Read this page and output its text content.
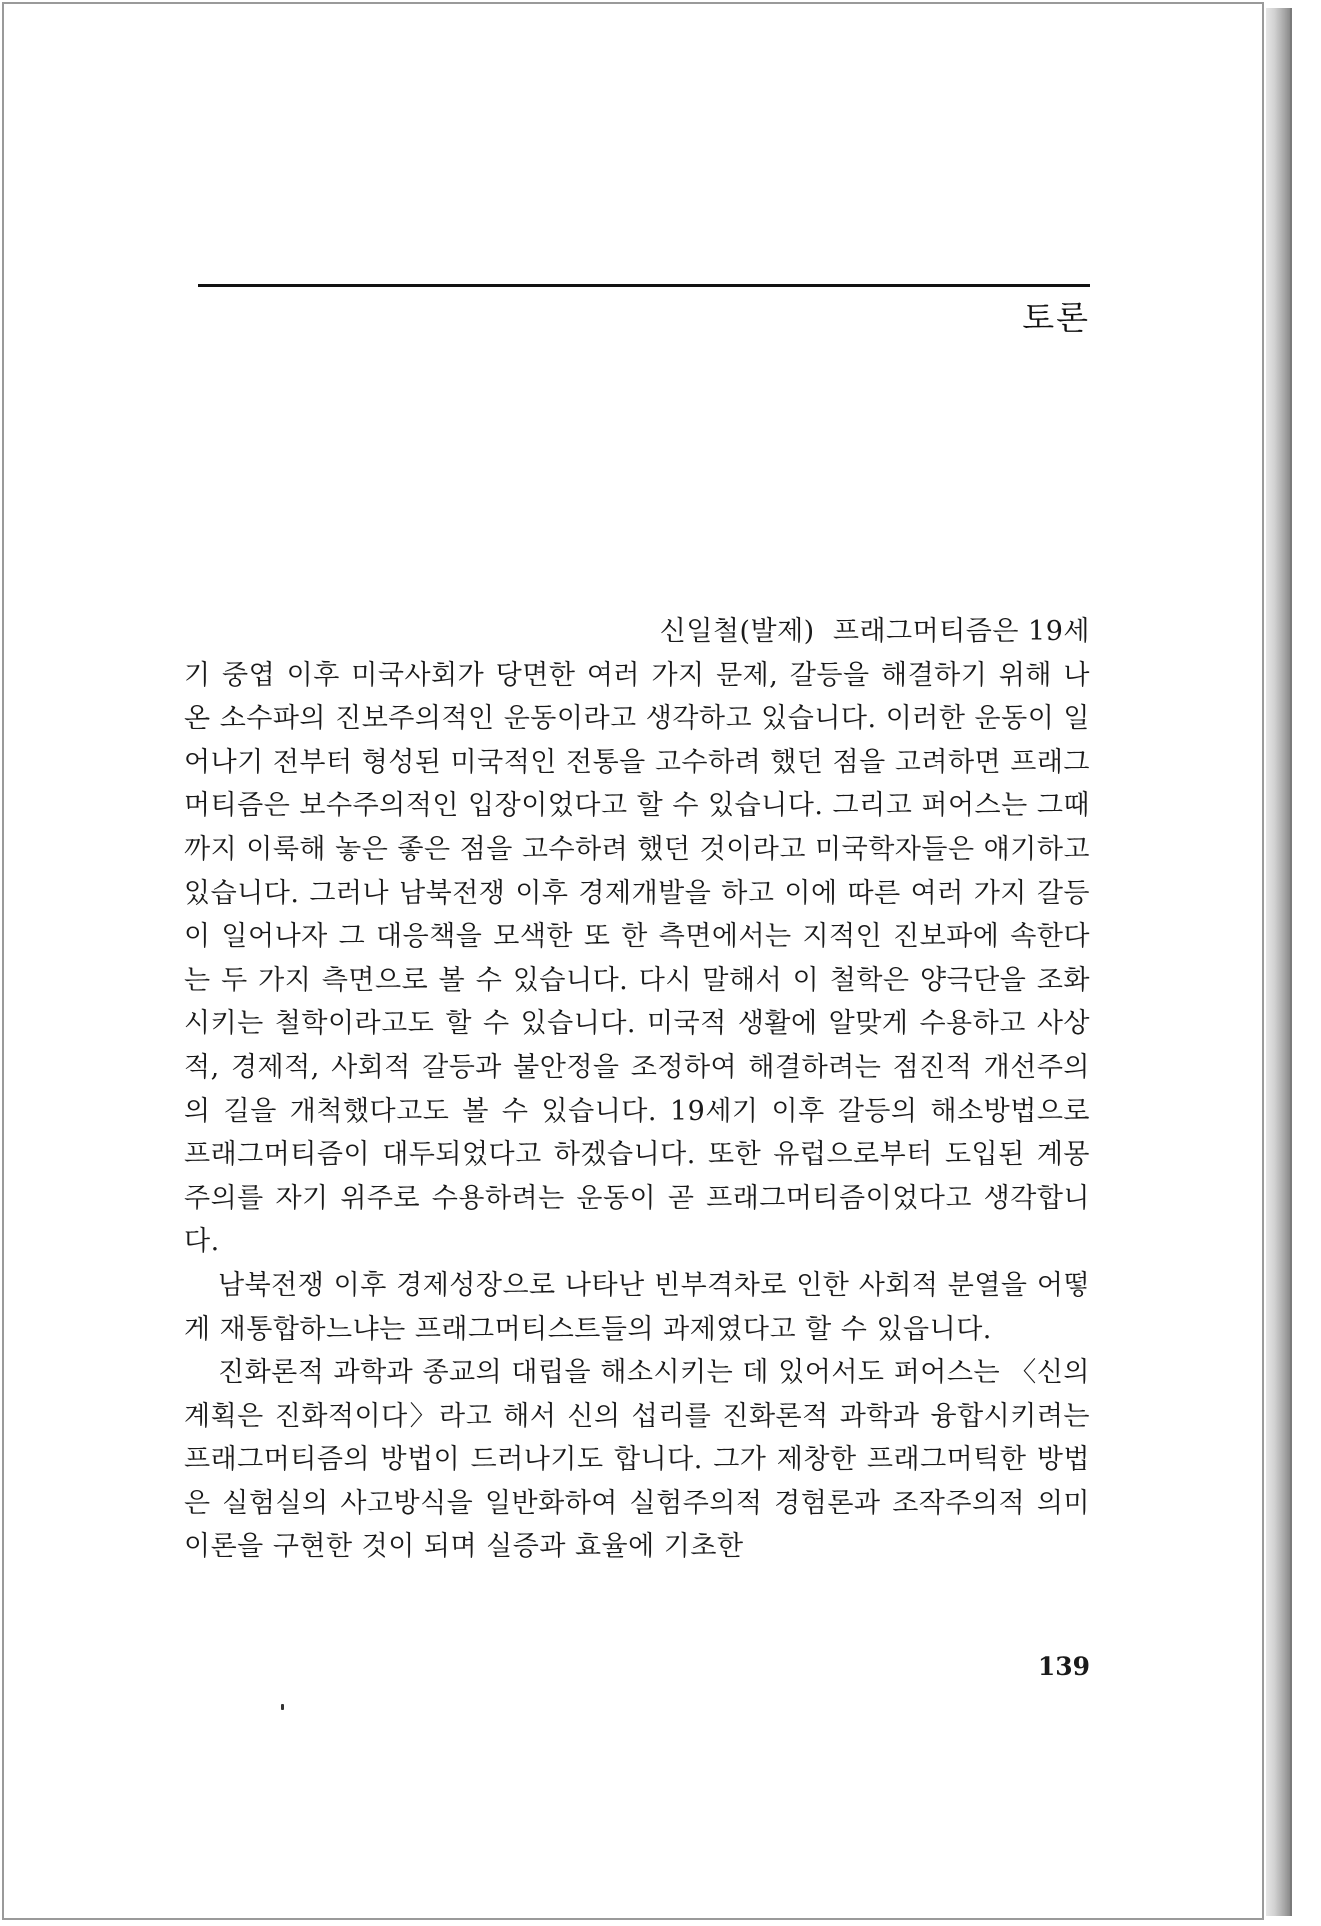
토론

신일철(발제) 프래그머티즘은 19세
기 중엽 이후 미국사회가 당면한 여러 가지 문제, 갈등을 해결하기 위해 나온 소수파의 진보주의적인 운동이라고 생각하고 있습니다. 이러한 운동이 일어나기 전부터 형성된 미국적인 전통을 고수하려 했던 점을 고려하면 프래그머티즘은 보수주의적인 입장이었다고 할 수 있습니다. 그리고 퍼어스는 그때까지 이룩해 놓은 좋은 점을 고수하려 했던 것이라고 미국학자들은 얘기하고 있습니다. 그러나 남북전쟁 이후 경제개발을 하고 이에 따른 여러 가지 갈등이 일어나자 그 대응책을 모색한 또 한 측면에서는 지적인 진보파에 속한다는 두 가지 측면으로 볼 수 있습니다. 다시 말해서 이 철학은 양극단을 조화시키는 철학이라고도 할 수 있습니다. 미국적 생활에 알맞게 수용하고 사상적, 경제적, 사회적 갈등과 불안정을 조정하여 해결하려는 점진적 개선주의의 길을 개척했다고도 볼 수 있습니다. 19세기 이후 갈등의 해소방법으로 프래그머티즘이 대두되었다고 하겠습니다. 또한 유럽으로부터 도입된 계몽주의를 자기 위주로 수용하려는 운동이 곧 프래그머티즘이었다고 생각합니다.

남북전쟁 이후 경제성장으로 나타난 빈부격차로 인한 사회적 분열을 어떻게 재통합하느냐는 프래그머티스트들의 과제였다고 할 수 있읍니다.

진화론적 과학과 종교의 대립을 해소시키는 데 있어서도 퍼어스는 〈신의 계획은 진화적이다〉라고 해서 신의 섭리를 진화론적 과학과 융합시키려는 프래그머티즘의 방법이 드러나기도 합니다. 그가 제창한 프래그머틱한 방법은 실험실의 사고방식을 일반화하여 실험주의적 경험론과 조작주의적 의미이론을 구현한 것이 되며 실증과 효율에 기초한

139
